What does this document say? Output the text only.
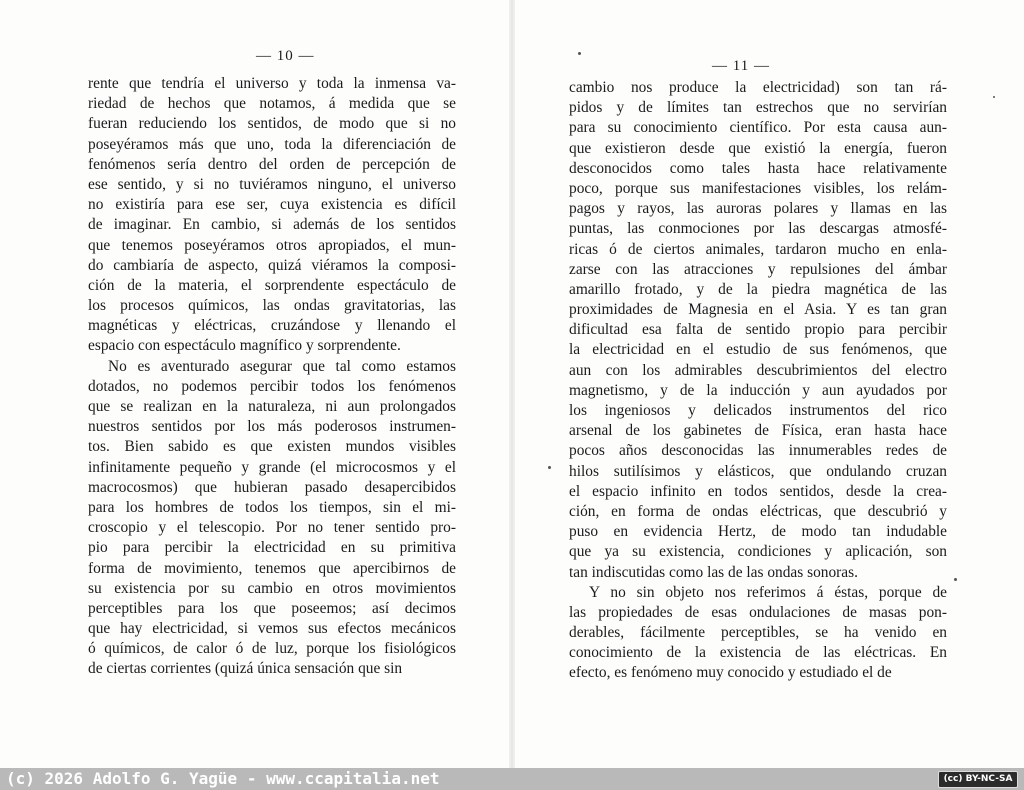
— 10 —
rente que tendría el universo y toda la inmensa va-
riedad de hechos que notamos, á medida que se
fueran reduciendo los sentidos, de modo que si no
poseyéramos más que uno, toda la diferenciación de
fenómenos sería dentro del orden de percepción de
ese sentido, y si no tuviéramos ninguno, el universo
no existiría para ese ser, cuya existencia es difícil
de imaginar. En cambio, si además de los sentidos
que tenemos poseyéramos otros apropiados, el mun-
do cambiaría de aspecto, quizá viéramos la composi-
ción de la materia, el sorprendente espectáculo de
los procesos químicos, las ondas gravitatorias, las
magnéticas y eléctricas, cruzándose y llenando el
espacio con espectáculo magnífico y sorprendente.
No es aventurado asegurar que tal como estamos
dotados, no podemos percibir todos los fenómenos
que se realizan en la naturaleza, ni aun prolongados
nuestros sentidos por los más poderosos instrumen-
tos. Bien sabido es que existen mundos visibles
infinitamente pequeño y grande (el microcosmos y el
macrocosmos) que hubieran pasado desapercibidos
para los hombres de todos los tiempos, sin el mi-
croscopio y el telescopio. Por no tener sentido pro-
pio para percibir la electricidad en su primitiva
forma de movimiento, tenemos que apercibirnos de
su existencia por su cambio en otros movimientos
perceptibles para los que poseemos; así decimos
que hay electricidad, si vemos sus efectos mecánicos
ó químicos, de calor ó de luz, porque los fisiológicos
de ciertas corrientes (quizá única sensación que sin
— 11 —
cambio nos produce la electricidad) son tan rá-
pidos y de límites tan estrechos que no servirían
para su conocimiento científico. Por esta causa aun-
que existieron desde que existió la energía, fueron
desconocidos como tales hasta hace relativamente
poco, porque sus manifestaciones visibles, los relám-
pagos y rayos, las auroras polares y llamas en las
puntas, las conmociones por las descargas atmosfé-
ricas ó de ciertos animales, tardaron mucho en enla-
zarse con las atracciones y repulsiones del ámbar
amarillo frotado, y de la piedra magnética de las
proximidades de Magnesia en el Asia. Y es tan gran
dificultad esa falta de sentido propio para percibir
la electricidad en el estudio de sus fenómenos, que
aun con los admirables descubrimientos del electro
magnetismo, y de la inducción y aun ayudados por
los ingeniosos y delicados instrumentos del rico
arsenal de los gabinetes de Física, eran hasta hace
pocos años desconocidas las innumerables redes de
hilos sutilísimos y elásticos, que ondulando cruzan
el espacio infinito en todos sentidos, desde la crea-
ción, en forma de ondas eléctricas, que descubrió y
puso en evidencia Hertz, de modo tan indudable
que ya su existencia, condiciones y aplicación, son
tan indiscutidas como las de las ondas sonoras.
Y no sin objeto nos referimos á éstas, porque de
las propiedades de esas ondulaciones de masas pon-
derables, fácilmente perceptibles, se ha venido en
conocimiento de la existencia de las eléctricas. En
efecto, es fenómeno muy conocido y estudiado el de
(c) 2026 Adolfo G. Yagüe - www.ccapitalia.net	(cc) BY-NC-SA
